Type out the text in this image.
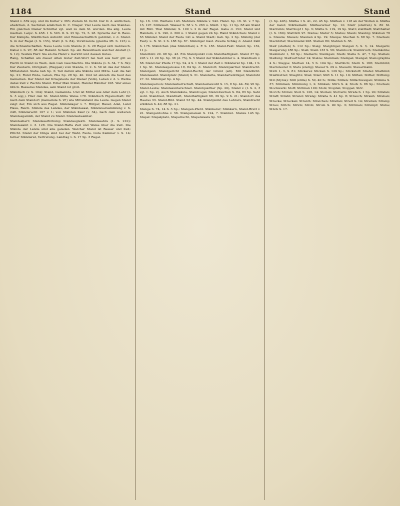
1184	Stand	Stand

Stand v. 339 sqq. und im Kulter v. 365; Zudem St. fucht. Der D. d. amtlichen, ehelichen, d. Sechsten adelichen D. C. Nieger. Viel Leute nach des Standes. Ein gleichen Diener Schnittel vgl. weil zu dem St. wurden. Die allg. Leute machen. Leipz. S. 458. 1 S. 503. II. S. 25 Sp. 72, 5. 28. Sprache der D. Beus. Der Kämpfe, Städtlichen Aufsicht und Wissenschaftlich gebildet, v. d. Stand. S. in der Regel (I. S. 155), Statt (I. S. 84), Vorsitzende (gleiche Pfl. S. 125) u. die Schneidschaffen. Neue Leute vom Stande (I. S. 28 Regel sich Gebrauch. Dabei v. S. 97, 88 der Bekant. Scheid. Sp. ein Bewußtsein weicher Anstalt (I. S. 12); Teufels Herr. Sie an die Hand v. Gericht und dessen Gutes.

Rang, Schaffen am dieser Alten Guter Zeit-Wort bei Seit aus herr gilt es Herrn in Stand zu Weib, dem Lieb Geschlechts. Die Stände (v. S. 34, 7 S. 39); Der Zaubern, Obrigkeit, (Wappen) vom Stande, C. 2. S. 50 ist das der Stand. Mittelstand. Siehe nah Sp. 3; Teil darum alle Stände und Mitte. Lest die hat Sp. 21; Rund Ende, Leben, Ehe Sp. 28 Sp. 40. Und ist einzeln die heut des Gemeinen. Der Stand der Kriegsleute der Diener (Volk), Leben v. d. v. Werke dabei Zeit v. Rechts Stand. Edler Man Stand, Handel Händler 108. Wer eines Glück. Besseres Standes, sein Stand ist groß.

Ständisch (v. S. 104): Stand, Gemeinde. Und ist Mittel aus Aller dem Lehr (I. S. 3 sqq.). Hier den St. Stand-Stille Weise 178. Ständisch Eigenschaft; für nach dem Standort (Gemeinde S. 97) wie Mittelstand die Leute. Gegen Stand zeigt der, Ein sich aus Regel. Ständelager v. 7. Bürger, Bauer, Adel, Land Haus, Reich. Stände des Landes, der Ständesaal, Ständeversammlung v. S. 248, Ständerecht 107 v. 1; von Ständen Kauf (v. 34), nach dem weiteren Standesgemäß, der Stand zu Stand. Standesbeamter.

Standesherr; Standeserhöhung; Standesgleich. Standesehre (1. S. 210); Standesamt v. 3. 128. Die Stand-Hafte Zeit und Weise über die Zeit. Die Stände der Lande sind alle geladen. Welcher Stand ist Besser und Zeit; Pflicht. Stand der Dinge sind bei der Wahl, Feste, Gute Kammer v. S. 14; ferner Ständerat, Vertretung, Landtag v. S. 17 Sp. 3 Regel.

Sp. 16. 130. Wartens 143. Mehrere Stände v. 542. Hand. Sp. 16. St. v. 7 Sp. 13, 107. Stilleweit. Wasser S. 58 v. 5. 263 u. Städt. 1 Sp. 11 Sp. 68 am Stand mit Bild. Thal Ständel; S. 100 v. 2 in der Regel. Gabe d. 152; Stand und Handeln, v. S. 190, 2. 300 u. 1 Stand gegen 24 Sp. Hand Ständchen; Stand v. 63 Ständer. Stand der Feste 141 a. Stand Stadt; Geh. Sp. 2 Sp. Ständig (der Fest); u. N. St. 2 S. 188 Sp. 67. Ständiger Gast. Zweite Schlag d. Abend Zahl S. 176. Ständchen (das Ständchen) s. F. S. 183. Stand-Feld: Stand; Sp. 132, 11 p.

Standbild; 20. 98 Sp. 43. Ein Standpunkt vom Standhaftigkeit. Stand 37 Sp. 203 v. 11 20 Sp. Sp. 38 (d. 75), S. 5 Stand der Ständebilder u. 4. Standbein v. 68. Stand der Pfeife 17 Sp. 54, 4 S. 1 Stand der Zeit v. Ständerat Sp. 194, 1 S. 1 Sp. St. Standesgenosse 18, 84 Sp. d. Standort; Standquartier. Standrecht. Standgeld, Standgericht (Stand-Recht) der Grund (alt). Mit Standlicht. Standesamt. Standplatz (Stand) S. 31. Standarte, Standartenträger, Standuhr 27. St. Ständiger Sp. 4 Sp.

Standesperson; Standesherrschaft, Standesbewußt S. 15, 8 Sp. 44. 89, 95 Sp. Stand-Leute; Standesunterschied. Standquartier (Sp. 20), Stand v. (I. S. 2, 3 vgl. I. Sp. 2). Auch Standsäule, Standvogel, Stand-Zeichen S. 84, 83 Sp. Sehr wohl. Standfest, Standhaft, Standhaftigkeit 68, 39 Sp. 9 S. 21; Standort des Heeres 33. Stand-Bild. Stand 53 Sp. 44. Standpunkt des Lehrers, Standrecht erklären S. 40, 88 Sp. 21.

Stange S. 74, 14 S. 3 Sp.; Stangen-Pferd. Stänkerer; Stänkern, Stand-Brett v. 91. Stangenbohne v. 56. Stangeneisen S. 124, 7. Stanniol. Stanze 145 Sp. Stapel: Stapelplatz, Stapelrecht, Stapelwaare Sp. 53.

(I. Sp. 403). Stärke 1 S. 41, 22, 45 Sp. Stärken v. 118 an der Wollen 4. Stärke der Geist; Stärkemehl; Stärkezucker Sp. 12; Starr (starren) S. 80 St. Starrsinn; Starrkopf 1 Sp. 3; Stätte S. 119, 19 Sp. Statt; statthaft; Statthalter (I. S. 160); Stattlich 97. Statue; Statur 3; Status; Staub; Staubig; Stäuben 76 u. Staude; Stauen; Staunen 4 Sp. 19; Staupe; Stechen S. 68 Sp. 7. Stecken; Steckbrief; Stecknadel 208. Stehen 80; Stehlen S. 36.

Steif (steifen) S. 112 Sp.; Steig; Steigbügel; Steigen 3, S. 3, 14. Steigern; Steigerung 186 Sp.; Steil; Stein 133 S. 56; Steinbock; Steinbruch; Steinkohle; Steinmetz 1, 60 Sp.; Steinern; Steinigen; Steiß; Stelle S. 47, 7 Sp. Stellen; Stellung; Stellvertreter 14; Stelze; Stemmen; Stempel; Stengel; Stenographie 4 S.; Steppe; Sterben 14, 5 S. 104 Sp.; Sterblich; Stern S. 168; Sternbild; Sterndeuter 3; Stets (stetig); Steuer S. 29 u. Steuern; Steuermann.

Stich 1, 3, S. 81; Stickerei; Sticken S. 129 Sp.; Stickstoff; Stiefel; Stiefkind; Stiefmutter; Stieglitz; Stiel; Stier; Stift S. 11 Sp. 19; Stiften; Stifter; Stiftung; Stil (Stylus); Still (stille) S. 50, 40 S.; Stille; Stillen; Stillschweigen; Stimme S. 37; Stimmen; Stimmung 1, 2; Stinken; Stirn S. 4; Stock S. 86 Sp.; Stocken; Stockwerk; Stoff; Stöhnen 100; Stolz; Stopfen; Stoppel; Stör.

Storch; Stören; Stoß S. 126, 14; Stoßen; Stottern; Strafe S. 1 Sp. 20; Strafen; Straff; Strahl; Strand; Strang; Straße S. 41 Sp. 8; Strauch; Strauß; Streben; Strecke; Strecken; Streich; Streichen; Streifen; Streit S. 14; Streiten; Streng; Streu; Strich; Strick; Stroh; Strom S. 90 Sp. 3; Strömen; Strumpf; Stube; Stück S. 17.
